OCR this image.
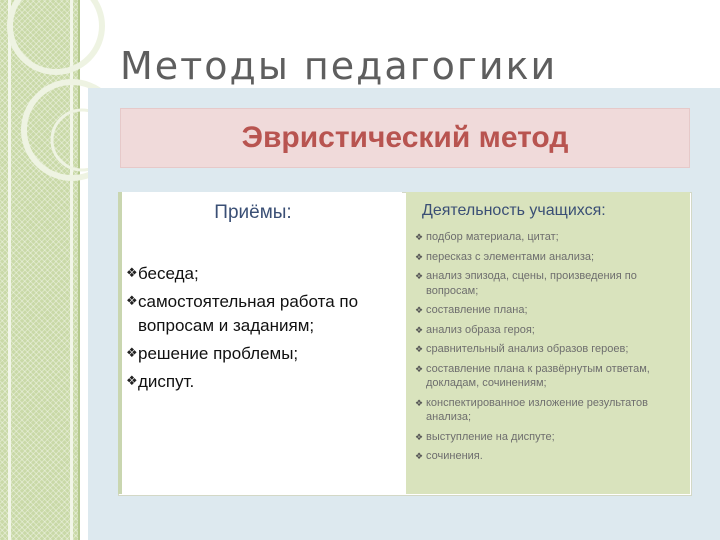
Методы педагогики
Эвристический метод
Приёмы:
❖ беседа;
❖ самостоятельная работа по вопросам и заданиям;
❖ решение проблемы;
❖ диспут.
Деятельность учащихся:
❖ подбор материала, цитат;
❖ пересказ с элементами анализа;
❖ анализ эпизода, сцены, произведения по вопросам;
❖ составление плана;
❖ анализ образа героя;
❖ сравнительный анализ образов героев;
❖ составление плана к развёрнутым ответам, докладам, сочинениям;
❖ конспектированное изложение результатов анализа;
❖ выступление на диспуте;
❖ сочинения.
